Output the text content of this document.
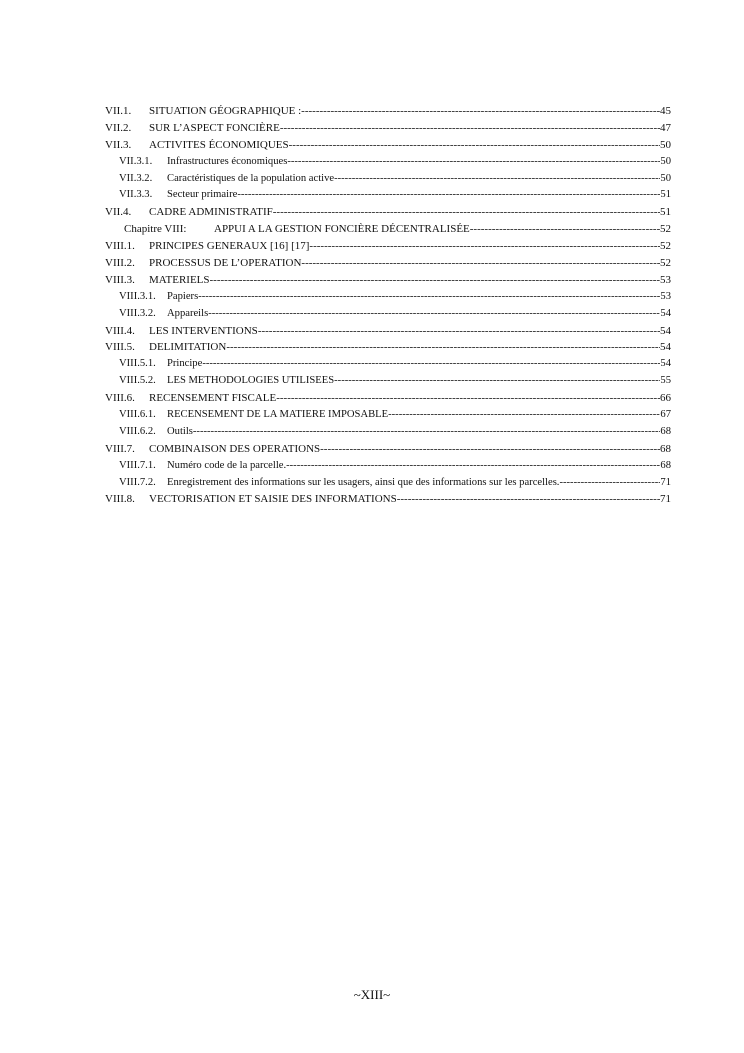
VII.1.	SITUATION GÉOGRAPHIQUE : -----	45
VII.2.	SUR L’ASPECT FONCIÈRE -----	47
VII.3.	ACTIVITES ÉCONOMIQUES -----	50
VII.3.1.	Infrastructures économiques -----	50
VII.3.2.	Caractéristiques de la population active -----	50
VII.3.3.	Secteur primaire -----	51
VII.4.	CADRE ADMINISTRATIF -----	51
Chapitre VIII:	APPUI A LA GESTION FONCIÈRE DÉCENTRALISÉE -----	52
VIII.1.	PRINCIPES GENERAUX [16] [17] -----	52
VIII.2.	PROCESSUS DE L’OPERATION -----	52
VIII.3.	MATERIELS -----	53
VIII.3.1.	Papiers -----	53
VIII.3.2.	Appareils -----	54
VIII.4.	LES INTERVENTIONS -----	54
VIII.5.	DELIMITATION -----	54
VIII.5.1.	Principe -----	54
VIII.5.2.	LES METHODOLOGIES UTILISEES -----	55
VIII.6.	RECENSEMENT FISCALE -----	66
VIII.6.1.	RECENSEMENT DE LA MATIERE IMPOSABLE -----	67
VIII.6.2.	Outils -----	68
VIII.7.	COMBINAISON DES OPERATIONS -----	68
VIII.7.1.	Numéro code de la parcelle. -----	68
VIII.7.2.	Enregistrement des informations sur les usagers, ainsi que des informations sur les parcelles. -----	71
VIII.8.	VECTORISATION ET SAISIE DES INFORMATIONS -----	71
~XIII~
